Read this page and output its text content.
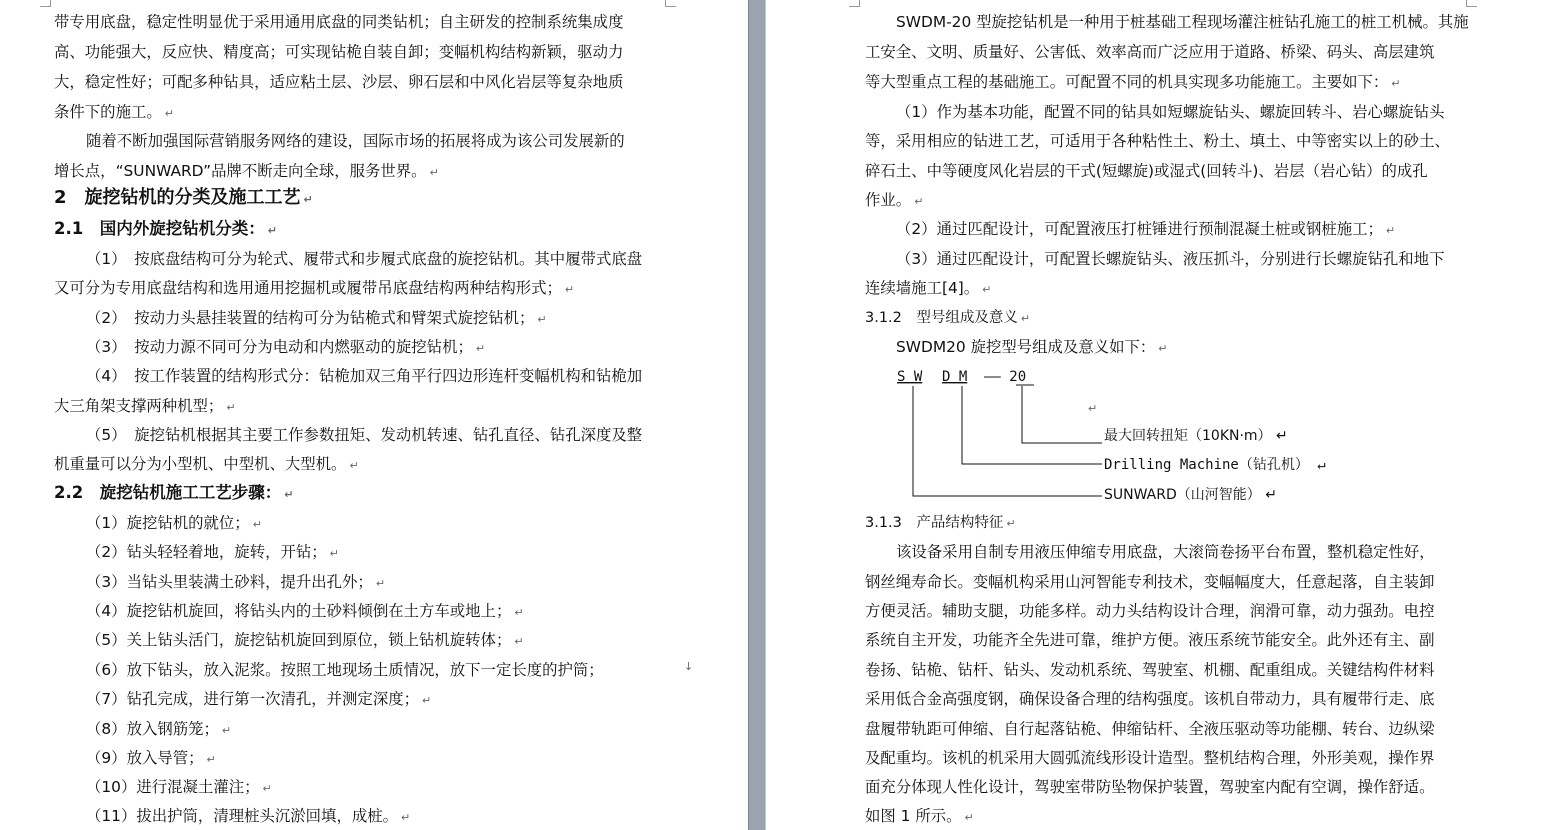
带专用底盘，稳定性明显优于采用通用底盘的同类钻机；自主研发的控制系统集成度
高、功能强大，反应快、精度高；可实现钻桅自装自卸；变幅机构结构新颖，驱动力
大，稳定性好；可配多种钻具，适应粘土层、沙层、卵石层和中风化岩层等复杂地质
条件下的施工。 ↵
随着不断加强国际营销服务网络的建设，国际市场的拓展将成为该公司发展新的
增长点，“SUNWARD”品牌不断走向全球，服务世界。 ↵
2　旋挖钻机的分类及施工工艺 ↵
2.1　国内外旋挖钻机分类： ↵
（1）　按底盘结构可分为轮式、履带式和步履式底盘的旋挖钻机。其中履带式底盘
又可分为专用底盘结构和选用通用挖掘机或履带吊底盘结构两种结构形式； ↵
（2）　按动力头悬挂装置的结构可分为钻桅式和臂架式旋挖钻机； ↵
（3）　按动力源不同可分为电动和内燃驱动的旋挖钻机； ↵
（4）　按工作装置的结构形式分：钻桅加双三角平行四边形连杆变幅机构和钻桅加
大三角架支撑两种机型； ↵
（5）　旋挖钻机根据其主要工作参数扭矩、发动机转速、钻孔直径、钻孔深度及整
机重量可以分为小型机、中型机、大型机。 ↵
2.2　旋挖钻机施工工艺步骤： ↵
（1）旋挖钻机的就位； ↵
（2）钻头轻轻着地，旋转，开钻； ↵
（3）当钻头里装满土砂料，提升出孔外； ↵
（4）旋挖钻机旋回，将钻头内的土砂料倾倒在土方车或地上； ↵
（5）关上钻头活门，旋挖钻机旋回到原位，锁上钻机旋转体； ↵
（6）放下钻头，放入泥浆。按照工地现场土质情况，放下一定长度的护筒；
（7）钻孔完成，进行第一次清孔，并测定深度； ↵
（8）放入钢筋笼； ↵
（9）放入导管； ↵
（10）进行混凝土灌注； ↵
（11）拔出护筒，清理桩头沉淤回填，成桩。 ↵
↓
SWDM-20 型旋挖钻机是一种用于桩基础工程现场灌注桩钻孔施工的桩工机械。其施
工安全、文明、质量好、公害低、效率高而广泛应用于道路、桥梁、码头、高层建筑
等大型重点工程的基础施工。可配置不同的机具实现多功能施工。主要如下： ↵
（1）作为基本功能，配置不同的钻具如短螺旋钻头、螺旋回转斗、岩心螺旋钻头
等，采用相应的钻进工艺，可适用于各种粘性土、粉土、填土、中等密实以上的砂土、
碎石土、中等硬度风化岩层的干式(短螺旋)或湿式(回转斗)、岩层（岩心钻）的成孔
作业。 ↵
（2）通过匹配设计，可配置液压打桩锤进行预制混凝土桩或钢桩施工； ↵
（3）通过匹配设计，可配置长螺旋钻头、液压抓斗，分别进行长螺旋钻孔和地下
连续墙施工[4]。 ↵
3.1.2　型号组成及意义 ↵
SWDM20 旋挖型号组成及意义如下： ↵
3.1.3　产品结构特征 ↵
该设备采用自制专用液压伸缩专用底盘，大滚筒卷扬平台布置，整机稳定性好，
钢丝绳寿命长。变幅机构采用山河智能专利技术，变幅幅度大，任意起落，自主装卸
方便灵活。辅助支腿，功能多样。动力头结构设计合理，润滑可靠，动力强劲。电控
系统自主开发，功能齐全先进可靠，维护方便。液压系统节能安全。此外还有主、副
卷扬、钻桅、钻杆、钻头、发动机系统、驾驶室、机棚、配重组成。关键结构件材料
采用低合金高强度钢，确保设备合理的结构强度。该机自带动力，具有履带行走、底
盘履带轨距可伸缩、自行起落钻桅、伸缩钻杆、全液压驱动等功能棚、转台、边纵梁
及配重均。该机的机采用大圆弧流线形设计造型。整机结构合理，外形美观，操作界
面充分体现人性化设计，驾驶室带防坠物保护装置，驾驶室内配有空调，操作舒适。
如图 1 所示。 ↵
S W D M —— 20
↵
最大回转扭矩（10KN·m） ↵
Drilling Machine（钻孔机） ↵
SUNWARD（山河智能） ↵
